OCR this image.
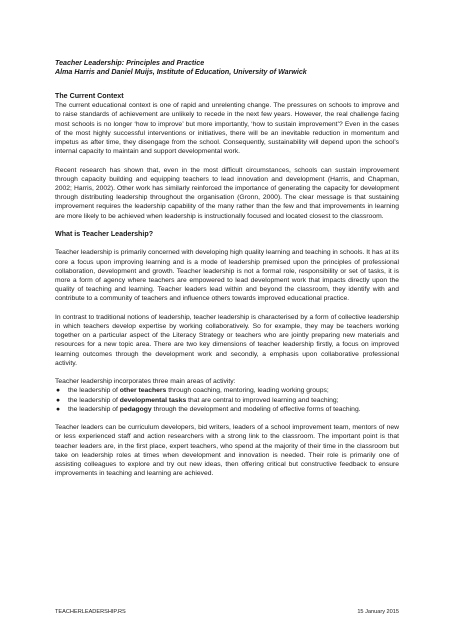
Teacher Leadership: Principles and Practice
Alma Harris and Daniel Muijs, Institute of Education, University of Warwick
The Current Context

The current educational context is one of rapid and unrelenting change. The pressures on schools to improve and to raise standards of achievement are unlikely to recede in the next few years. However, the real challenge facing most schools is no longer ‘how to improve’ but more importantly, ‘how to sustain improvement’? Even in the cases of the most highly successful interventions or initiatives, there will be an inevitable reduction in momentum and impetus as after time, they disengage from the school. Consequently, sustainability will depend upon the school’s internal capacity to maintain and support developmental work.

Recent research has shown that, even in the most difficult circumstances, schools can sustain improvement through capacity building and equipping teachers to lead innovation and development (Harris, and Chapman, 2002; Harris, 2002). Other work has similarly reinforced the importance of generating the capacity for development through distributing leadership throughout the organisation (Gronn, 2000). The clear message is that sustaining improvement requires the leadership capability of the many rather than the few and that improvements in learning are more likely to be achieved when leadership is instructionally focused and located closest to the classroom.

What is Teacher Leadership?

Teacher leadership is primarily concerned with developing high quality learning and teaching in schools. It has at its core a focus upon improving learning and is a mode of leadership premised upon the principles of professional collaboration, development and growth. Teacher leadership is not a formal role, responsibility or set of tasks, it is more a form of agency where teachers are empowered to lead development work that impacts directly upon the quality of teaching and learning. Teacher leaders lead within and beyond the classroom, they identify with and contribute to a community of teachers and influence others towards improved educational practice.

In contrast to traditional notions of leadership, teacher leadership is characterised by a form of collective leadership in which teachers develop expertise by working collaboratively. So for example, they may be teachers working together on a particular aspect of the Literacy Strategy or teachers who are jointly preparing new materials and resources for a new topic area. There are two key dimensions of teacher leadership firstly, a focus on improved learning outcomes through the development work and secondly, a emphasis upon collaborative professional activity.

Teacher leadership incorporates three main areas of activity:

● the leadership of other teachers through coaching, mentoring, leading working groups;
● the leadership of developmental tasks that are central to improved learning and teaching;
● the leadership of pedagogy through the development and modeling of effective forms of teaching.

Teacher leaders can be curriculum developers, bid writers, leaders of a school improvement team, mentors of new or less experienced staff and action researchers with a strong link to the classroom. The important point is that teacher leaders are, in the first place, expert teachers, who spend at the majority of their time in the classroom but take on leadership roles at times when development and innovation is needed. Their role is primarily one of assisting colleagues to explore and try out new ideas, then offering critical but constructive feedback to ensure improvements in teaching and learning are achieved.

TEACHERLEADERSHIP.RS	15 January 2015
